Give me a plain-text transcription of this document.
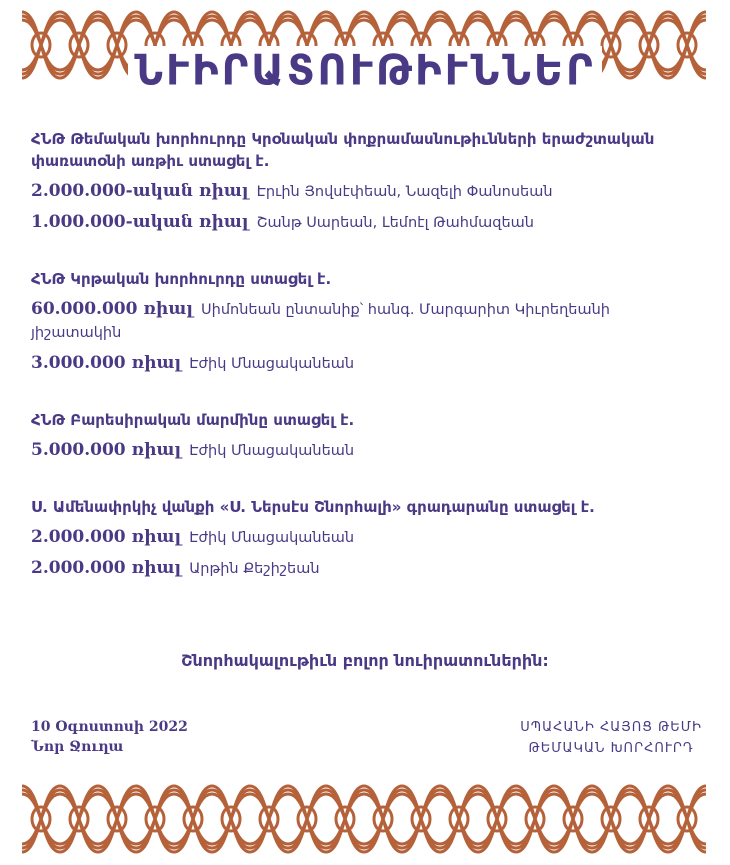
ՆՒԻՐԱՏՈՒԹԻՒՆՆԵՐ
ՀՆԹ Թեմական խորհուրդը Կրօնական փոքրամասնութիւնների երաժշտական փառատօնի առթիւ ստացել է.
2.000.000-ական ռիալ Էրւին Յովսէփեան, Նազելի Փանոսեան
1.000.000-ական ռիալ Շանթ Սարեան, Լեմոէլ Թահմազեան
ՀՆԹ Կրթական խորհուրդը ստացել է.
60.000.000 ռիալ Սիմոնեան ընտանիք՝ հանգ. Մարգարիտ Կիւրեղեանի յիշատակին
3.000.000 ռիալ Էժիկ Մնացականեան
ՀՆԹ Բարեսիրական մարմինը ստացել է.
5.000.000 ռիալ Էժիկ Մնացականեան
Ս. Ամենափրկիչ վանքի «Ս. Ներսէս Շնորհալի» գրադարանը ստացել է.
2.000.000 ռիալ Էժիկ Մնացականեան
2.000.000 ռիալ Արթին Քեշիշեան
Շնորհակալութիւն բոլոր նուիրատուներին:
10 Օգոստոսի 2022
Նոր Ջուղա
ՍՊԱՀԱՆԻ ՀԱՅՈՑ ԹԵՄԻ
ԹԵՄԱԿԱՆ ԽՈՐՀՈՒՐԴ
